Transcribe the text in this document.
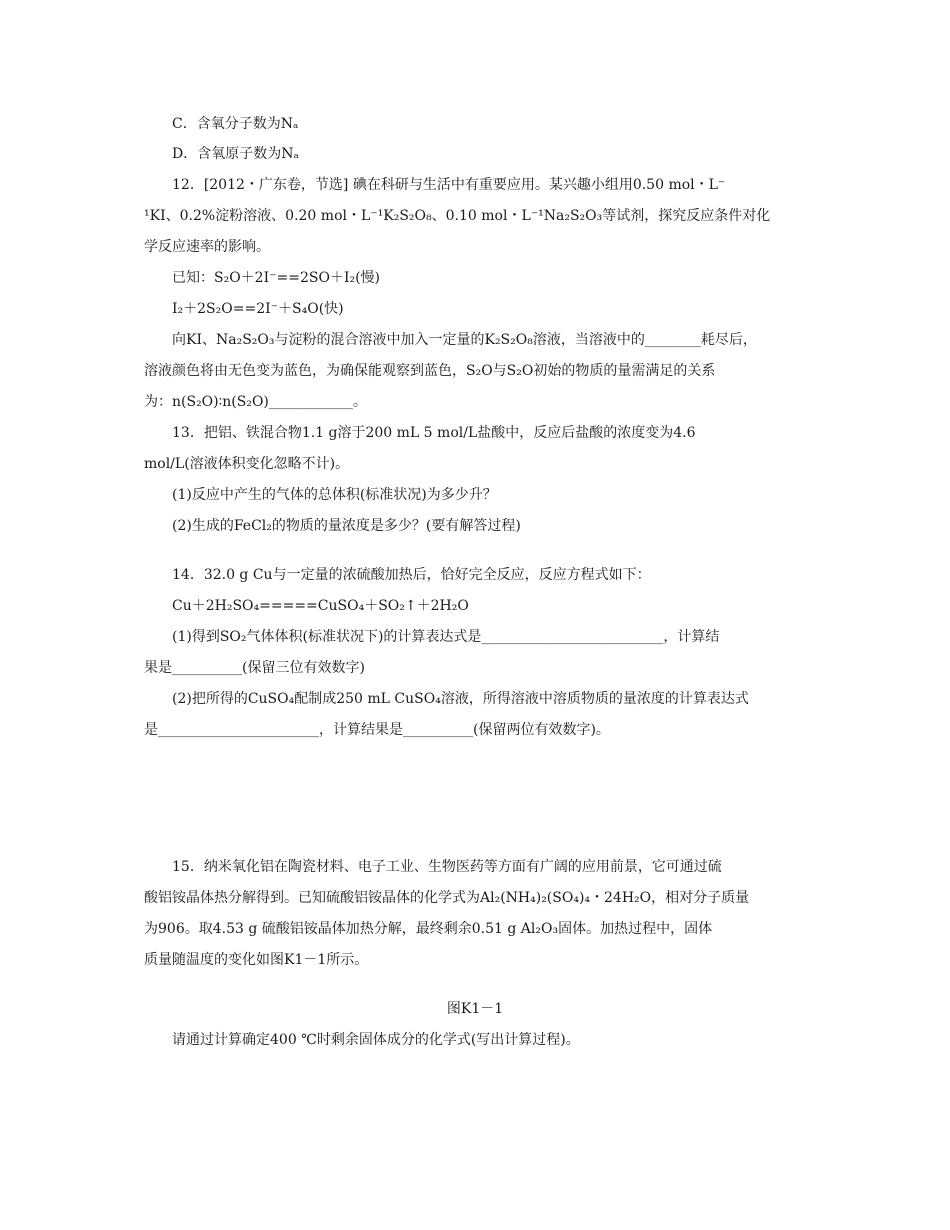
C．含氧分子数为Nₐ
D．含氧原子数为Nₐ
12．[2012・广东卷，节选] 碘在科研与生活中有重要应用。某兴趣小组用0.50 mol・L⁻
¹KI、0.2%淀粉溶液、0.20 mol・L⁻¹K₂S₂O₈、0.10 mol・L⁻¹Na₂S₂O₃等试剂，探究反应条件对化
学反应速率的影响。
已知：S₂O＋2I⁻==2SO＋I₂(慢)
I₂＋2S₂O==2I⁻＋S₄O(快)
向KI、Na₂S₂O₃与淀粉的混合溶液中加入一定量的K₂S₂O₈溶液，当溶液中的________耗尽后，
溶液颜色将由无色变为蓝色，为确保能观察到蓝色，S₂O与S₂O初始的物质的量需满足的关系
为：n(S₂O)∶n(S₂O)____________。
13．把铝、铁混合物1.1 g溶于200 mL 5 mol/L盐酸中，反应后盐酸的浓度变为4.6
mol/L(溶液体积变化忽略不计)。
(1)反应中产生的气体的总体积(标准状况)为多少升？
(2)生成的FeCl₂的物质的量浓度是多少？(要有解答过程)
14．32.0 g Cu与一定量的浓硫酸加热后，恰好完全反应，反应方程式如下：
Cu＋2H₂SO₄=====CuSO₄＋SO₂↑＋2H₂O
(1)得到SO₂气体体积(标准状况下)的计算表达式是__________________________，计算结
果是__________(保留三位有效数字)
(2)把所得的CuSO₄配制成250 mL CuSO₄溶液，所得溶液中溶质物质的量浓度的计算表达式
是_______________________，计算结果是__________(保留两位有效数字)。
15．纳米氧化铝在陶瓷材料、电子工业、生物医药等方面有广阔的应用前景，它可通过硫
酸铝铵晶体热分解得到。已知硫酸铝铵晶体的化学式为Al₂(NH₄)₂(SO₄)₄・24H₂O，相对分子质量
为906。取4.53 g 硫酸铝铵晶体加热分解，最终剩余0.51 g Al₂O₃固体。加热过程中，固体
质量随温度的变化如图K1－1所示。
图K1－1
请通过计算确定400 ℃时剩余固体成分的化学式(写出计算过程)。
